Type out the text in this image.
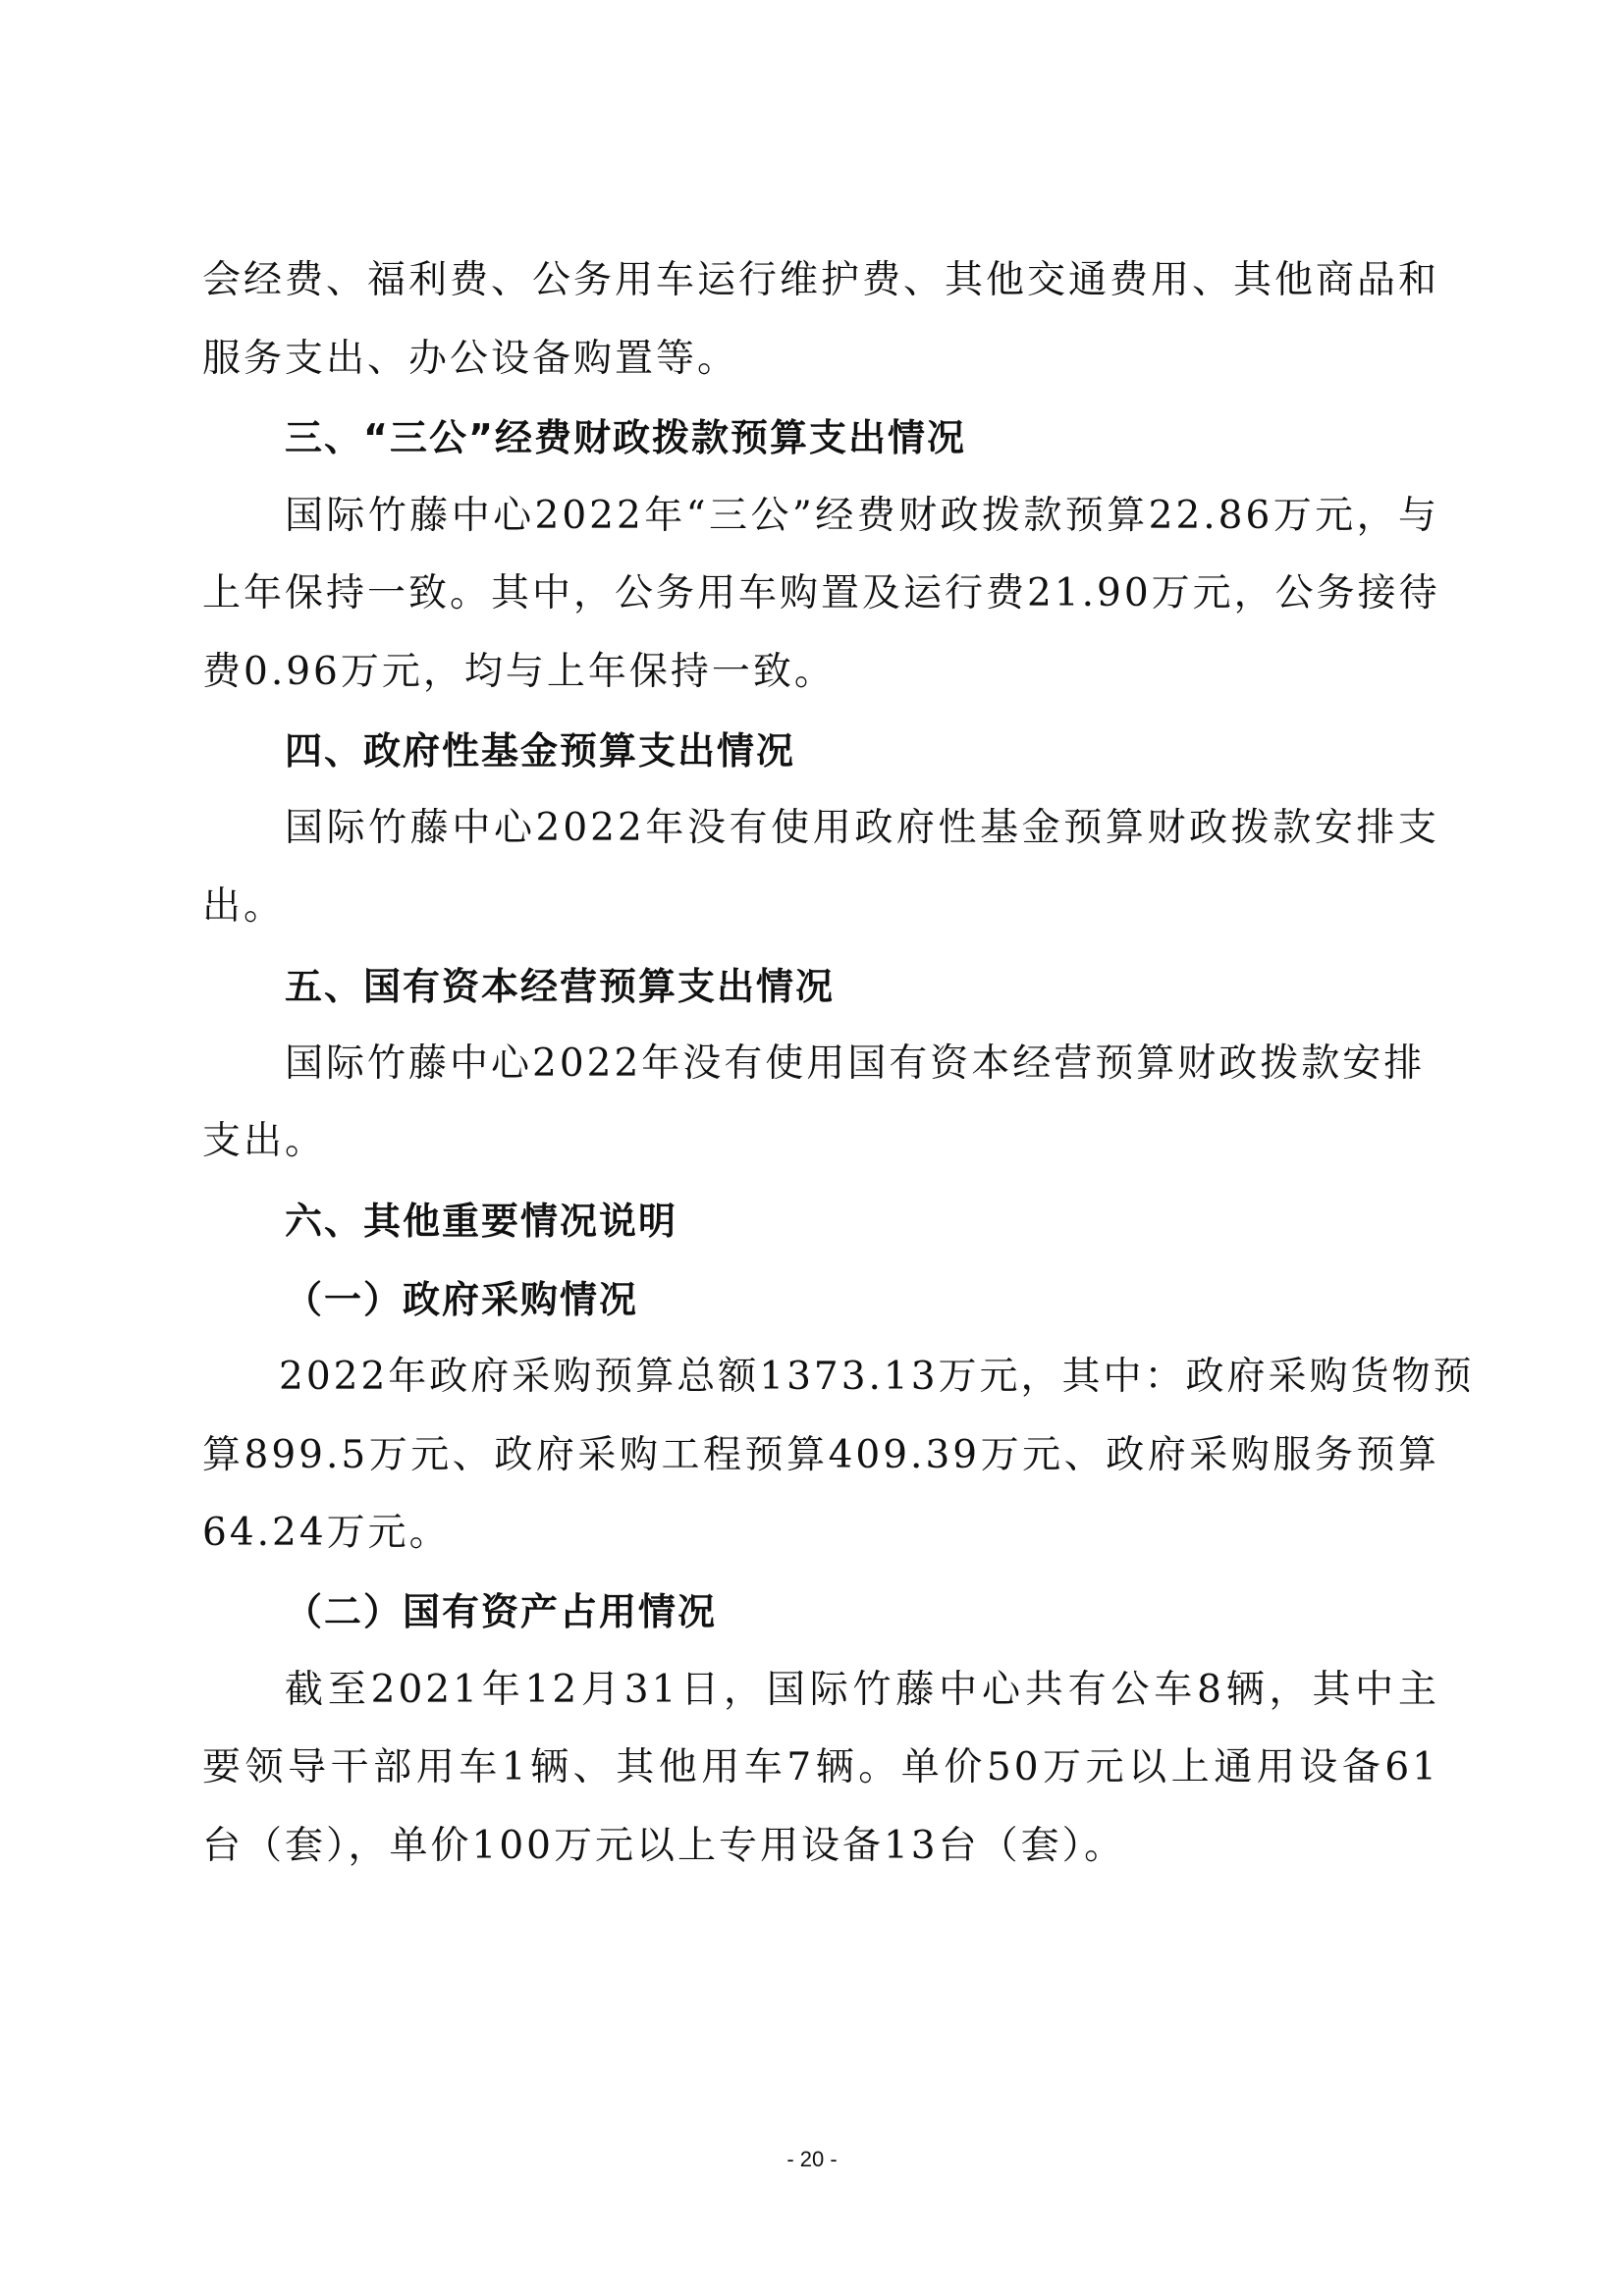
会经费、福利费、公务用车运行维护费、其他交通费用、其他商品和
服务支出、办公设备购置等。
三、“三公”经费财政拨款预算支出情况
国际竹藤中心2022年“三公”经费财政拨款预算22.86万元，与
上年保持一致。其中，公务用车购置及运行费21.90万元，公务接待
费0.96万元，均与上年保持一致。
四、政府性基金预算支出情况
国际竹藤中心2022年没有使用政府性基金预算财政拨款安排支
出。
五、国有资本经营预算支出情况
国际竹藤中心2022年没有使用国有资本经营预算财政拨款安排
支出。
六、其他重要情况说明
（一）政府采购情况
2022年政府采购预算总额1373.13万元，其中：政府采购货物预
算899.5万元、政府采购工程预算409.39万元、政府采购服务预算
64.24万元。
（二）国有资产占用情况
截至2021年12月31日，国际竹藤中心共有公车8辆，其中主
要领导干部用车1辆、其他用车7辆。单价50万元以上通用设备61
台（套），单价100万元以上专用设备13台（套）。
- 20 -
